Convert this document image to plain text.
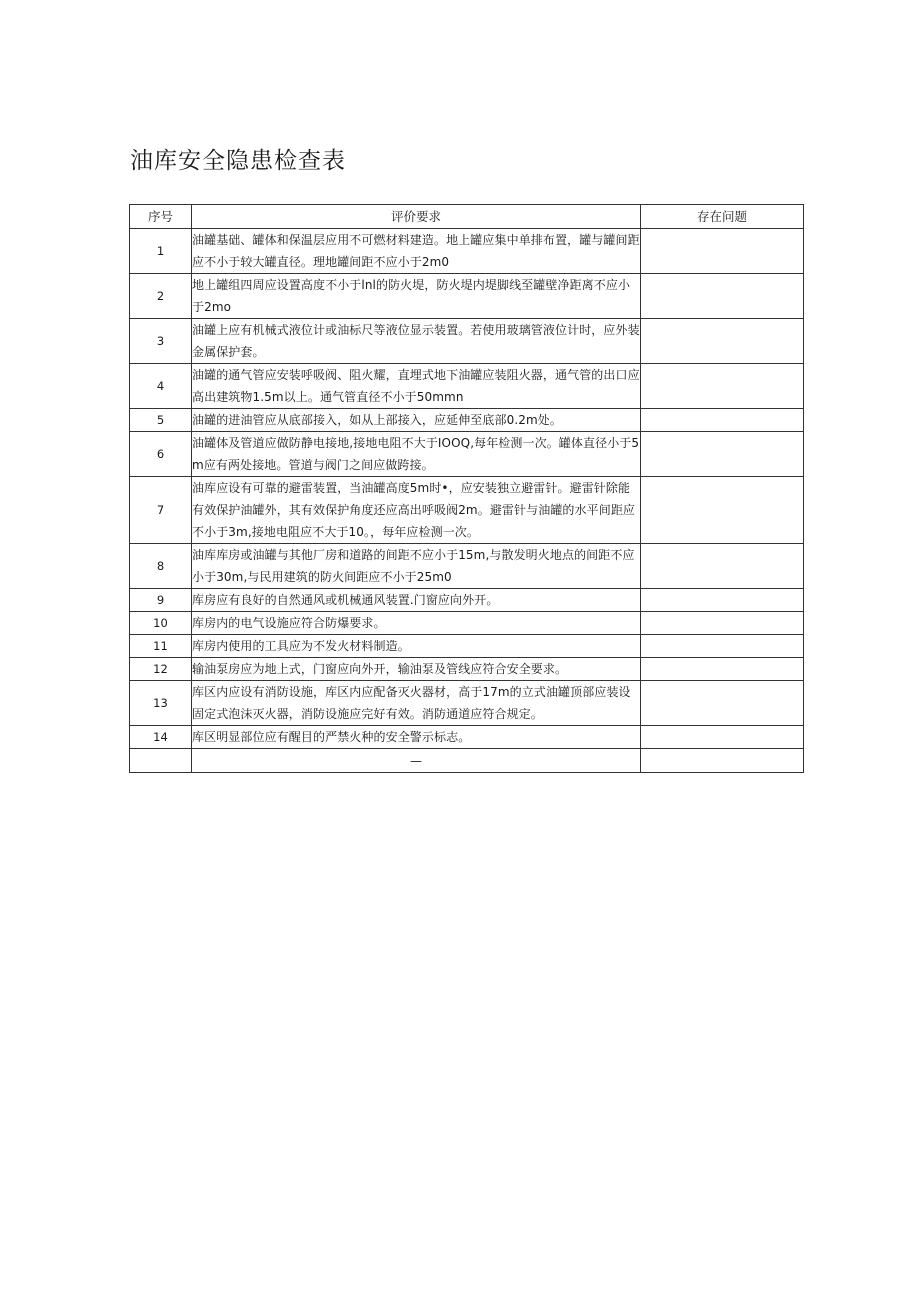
油库安全隐患检查表
序号	评价要求	存在问题
1	油罐基础、罐体和保温层应用不可燃材料建造。地上罐应集中单排布置，罐与罐间距应不小于较大罐直径。理地罐间距不应小于2m0	
2	地上罐组四周应设置高度不小于lnl的防火堤，防火堤内堤脚线至罐壁净距离不应小于2mo	
3	油罐上应有机械式液位计或油标尺等液位显示装置。若使用玻璃管液位计时，应外装金属保护套。	
4	油罐的通气管应安装呼吸阀、阻火耀，直埋式地下油罐应装阻火器，通气管的出口应高出建筑物1.5m以上。通气管直径不小于50mmn	
5	油罐的进油管应从底部接入，如从上部接入，应延伸至底部0.2m处。	
6	油罐体及管道应做防静电接地,接地电阻不大于IOOQ,每年检测一次。罐体直径小于5m应有两处接地。管道与阀门之间应做跨接。	
7	油库应设有可靠的避雷装置，当油罐高度5m时•，应安装独立避雷针。避雷针除能有效保护油罐外，其有效保护角度还应高出呼吸阀2m。避雷针与油罐的水平间距应不小于3m,接地电阻应不大于10。，每年应检测一次。	
8	油库库房或油罐与其他厂房和道路的间距不应小于15m,与散发明火地点的间距不应小于30m,与民用建筑的防火间距应不小于25m0	
9	库房应有良好的自然通风或机械通风装置.门窗应向外开。	
10	库房内的电气设施应符合防爆要求。	
11	库房内使用的工具应为不发火材料制造。	
12	输油泵房应为地上式，门窗应向外开，输油泵及管线应符合安全要求。	
13	库区内应设有消防设施，库区内应配备灭火器材，高于17m的立式油罐顶部应装设固定式泡沫灭火器，消防设施应完好有效。消防通道应符合规定。	
14	库区明显部位应有醒目的严禁火种的安全警示标志。	
	—	
